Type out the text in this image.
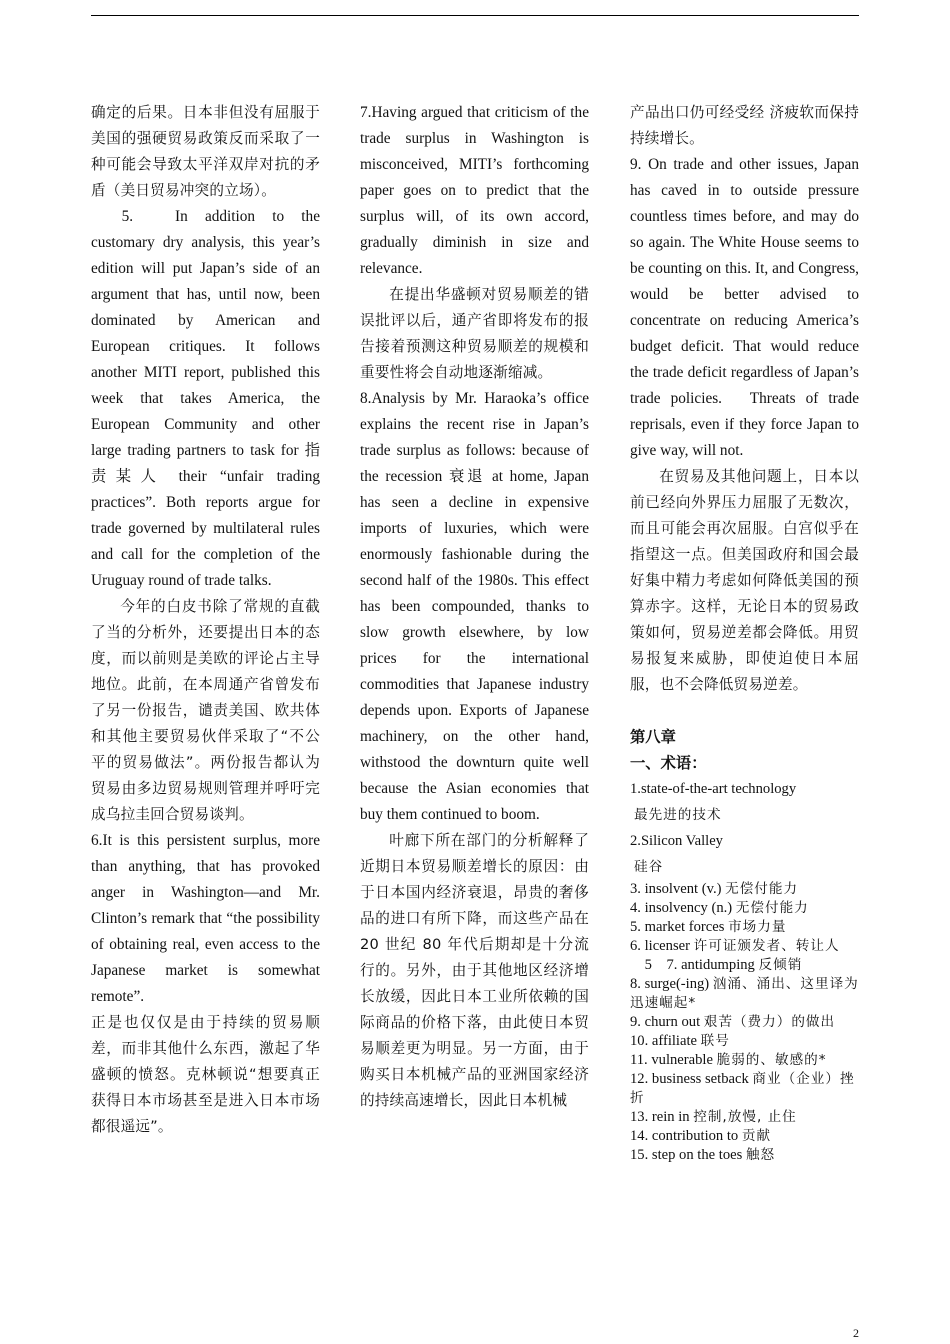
确定的后果。日本非但没有屈服于美国的强硬贸易政策反而采取了一种可能会导致太平洋双岸对抗的矛盾（美日贸易冲突的立场）。

5.　In addition to the customary dry analysis, this year’s edition will put Japan’s side of an argument that has, until now, been dominated by American and European critiques. It follows another MITI report, published this week that takes America, the European Community and other large trading partners to task for 指责某人 their “unfair trading practices”. Both reports argue for trade governed by multilateral rules and call for the completion of the Uruguay round of trade talks.

今年的白皮书除了常规的直截了当的分析外，还要提出日本的态度，而以前则是美欧的评论占主导地位。此前，在本周通产省曾发布了另一份报告，谴责美国、欧共体和其他主要贸易伙伴采取了“不公平的贸易做法”。两份报告都认为贸易由多边贸易规则管理并呼吁完成乌拉圭回合贸易谈判。

6.It is this persistent surplus, more than anything, that has provoked anger in Washington—and Mr. Clinton’s remark that “the possibility of obtaining real, even access to the Japanese market is somewhat remote”.

正是也仅仅是由于持续的贸易顺差，而非其他什么东西，激起了华盛顿的愤怒。克林顿说“想要真正获得日本市场甚至是进入日本市场都很遥远”。

7.Having argued that criticism of the trade surplus in Washington is misconceived, MITI’s forthcoming paper goes on to predict that the surplus will, of its own accord, gradually diminish in size and relevance.

在提出华盛顿对贸易顺差的错误批评以后，通产省即将发布的报告接着预测这种贸易顺差的规模和重要性将会自动地逐渐缩减。

8.Analysis by Mr. Haraoka’s office explains the recent rise in Japan’s trade surplus as follows: because of the recession 衰退 at home, Japan has seen a decline in expensive imports of luxuries, which were enormously fashionable during the second half of the 1980s. This effect has been compounded, thanks to slow growth elsewhere, by low prices for the international commodities that Japanese industry depends upon. Exports of Japanese machinery, on the other hand, withstood the downturn quite well because the Asian economies that buy them continued to boom.

叶廊下所在部门的分析解释了近期日本贸易顺差增长的原因：由于日本国内经济衰退，昂贵的奢侈品的进口有所下降，而这些产品在 20 世纪 80 年代后期却是十分流行的。另外，由于其他地区经济增长放缓，因此日本工业所依赖的国际商品的价格下落，由此使日本贸易顺差更为明显。另一方面，由于购买日本机械产品的亚洲国家经济的持续高速增长，因此日本机械

产品出口仍可经受经 济疲软而保持持续增长。

9. On trade and other issues, Japan has caved in to outside pressure countless times before, and may do so again. The White House seems to be counting on this. It, and Congress, would be better advised to concentrate on reducing America’s budget deficit. That would reduce the trade deficit regardless of Japan’s trade policies.　Threats of trade reprisals, even if they force Japan to give way, will not.

在贸易及其他问题上，日本以前已经向外界压力屈服了无数次，而且可能会再次屈服。白宫似乎在指望这一点。但美国政府和国会最好集中精力考虑如何降低美国的预算赤字。这样，无论日本的贸易政策如何，贸易逆差都会降低。用贸易报复来威胁，即使迫使日本屈服，也不会降低贸易逆差。

第八章

一、术语：

1.state-of-the-art technology
最先进的技术
2.Silicon Valley
硅谷
3. insolvent (v.) 无偿付能力
4. insolvency (n.) 无偿付能力
5. market forces 市场力量
6. licenser 许可证颁发者、转让人
　5　7. antidumping 反倾销
8. surge(-ing) 汹涌、涌出、这里译为迅速崛起*
9. churn out 艰苦（费力）的做出
10. affiliate 联号
11. vulnerable 脆弱的、敏感的*
12. business setback 商业（企业）挫折
13. rein in 控制,放慢, 止住
14. contribution to 贡献
15. step on the toes 触怒
2
